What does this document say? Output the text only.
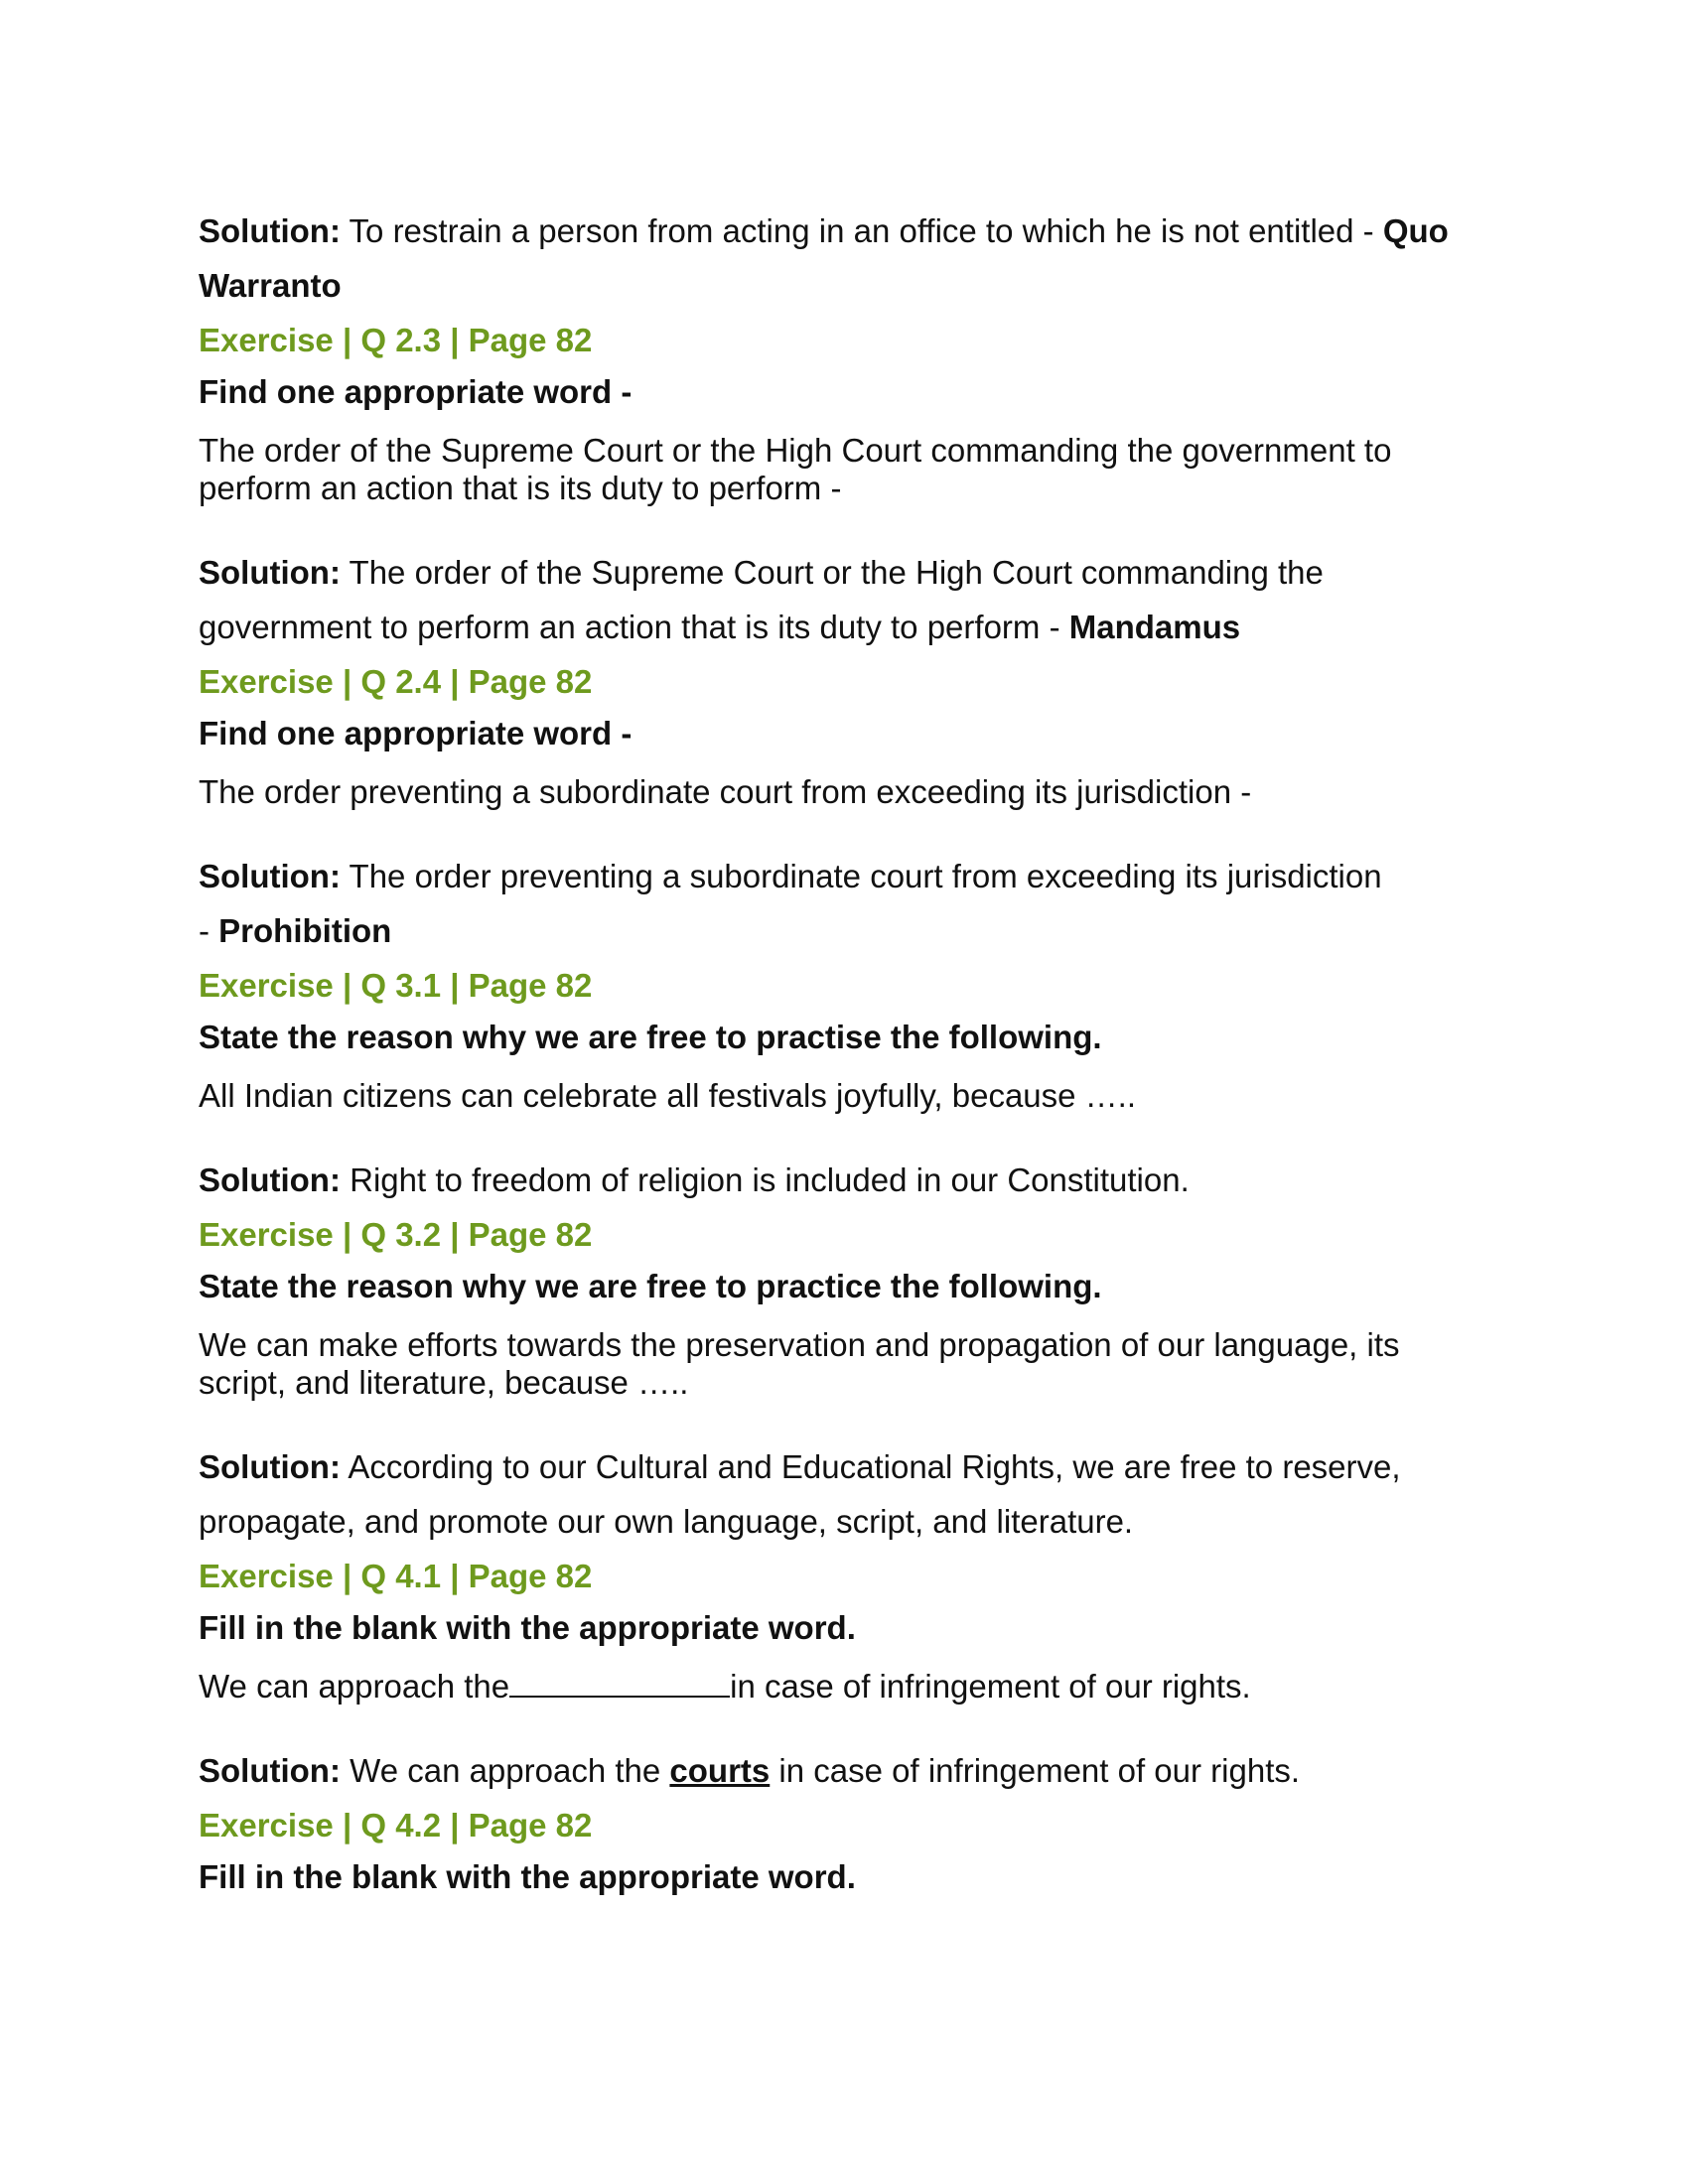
Solution: To restrain a person from acting in an office to which he is not entitled - Quo

Warranto

Exercise | Q 2.3 | Page 82

Find one appropriate word -

The order of the Supreme Court or the High Court commanding the government to perform an action that is its duty to perform -

Solution: The order of the Supreme Court or the High Court commanding the

government to perform an action that is its duty to perform - Mandamus

Exercise | Q 2.4 | Page 82

Find one appropriate word -

The order preventing a subordinate court from exceeding its jurisdiction -

Solution: The order preventing a subordinate court from exceeding its jurisdiction

- Prohibition

Exercise | Q 3.1 | Page 82

State the reason why we are free to practise the following.

All Indian citizens can celebrate all festivals joyfully, because …..

Solution: Right to freedom of religion is included in our Constitution.

Exercise | Q 3.2 | Page 82

State the reason why we are free to practice the following.

We can make efforts towards the preservation and propagation of our language, its script, and literature, because …..

Solution: According to our Cultural and Educational Rights, we are free to reserve,

propagate, and promote our own language, script, and literature.

Exercise | Q 4.1 | Page 82

Fill in the blank with the appropriate word.

We can approach the	in case of infringement of our rights.

Solution: We can approach the courts in case of infringement of our rights.

Exercise | Q 4.2 | Page 82

Fill in the blank with the appropriate word.
